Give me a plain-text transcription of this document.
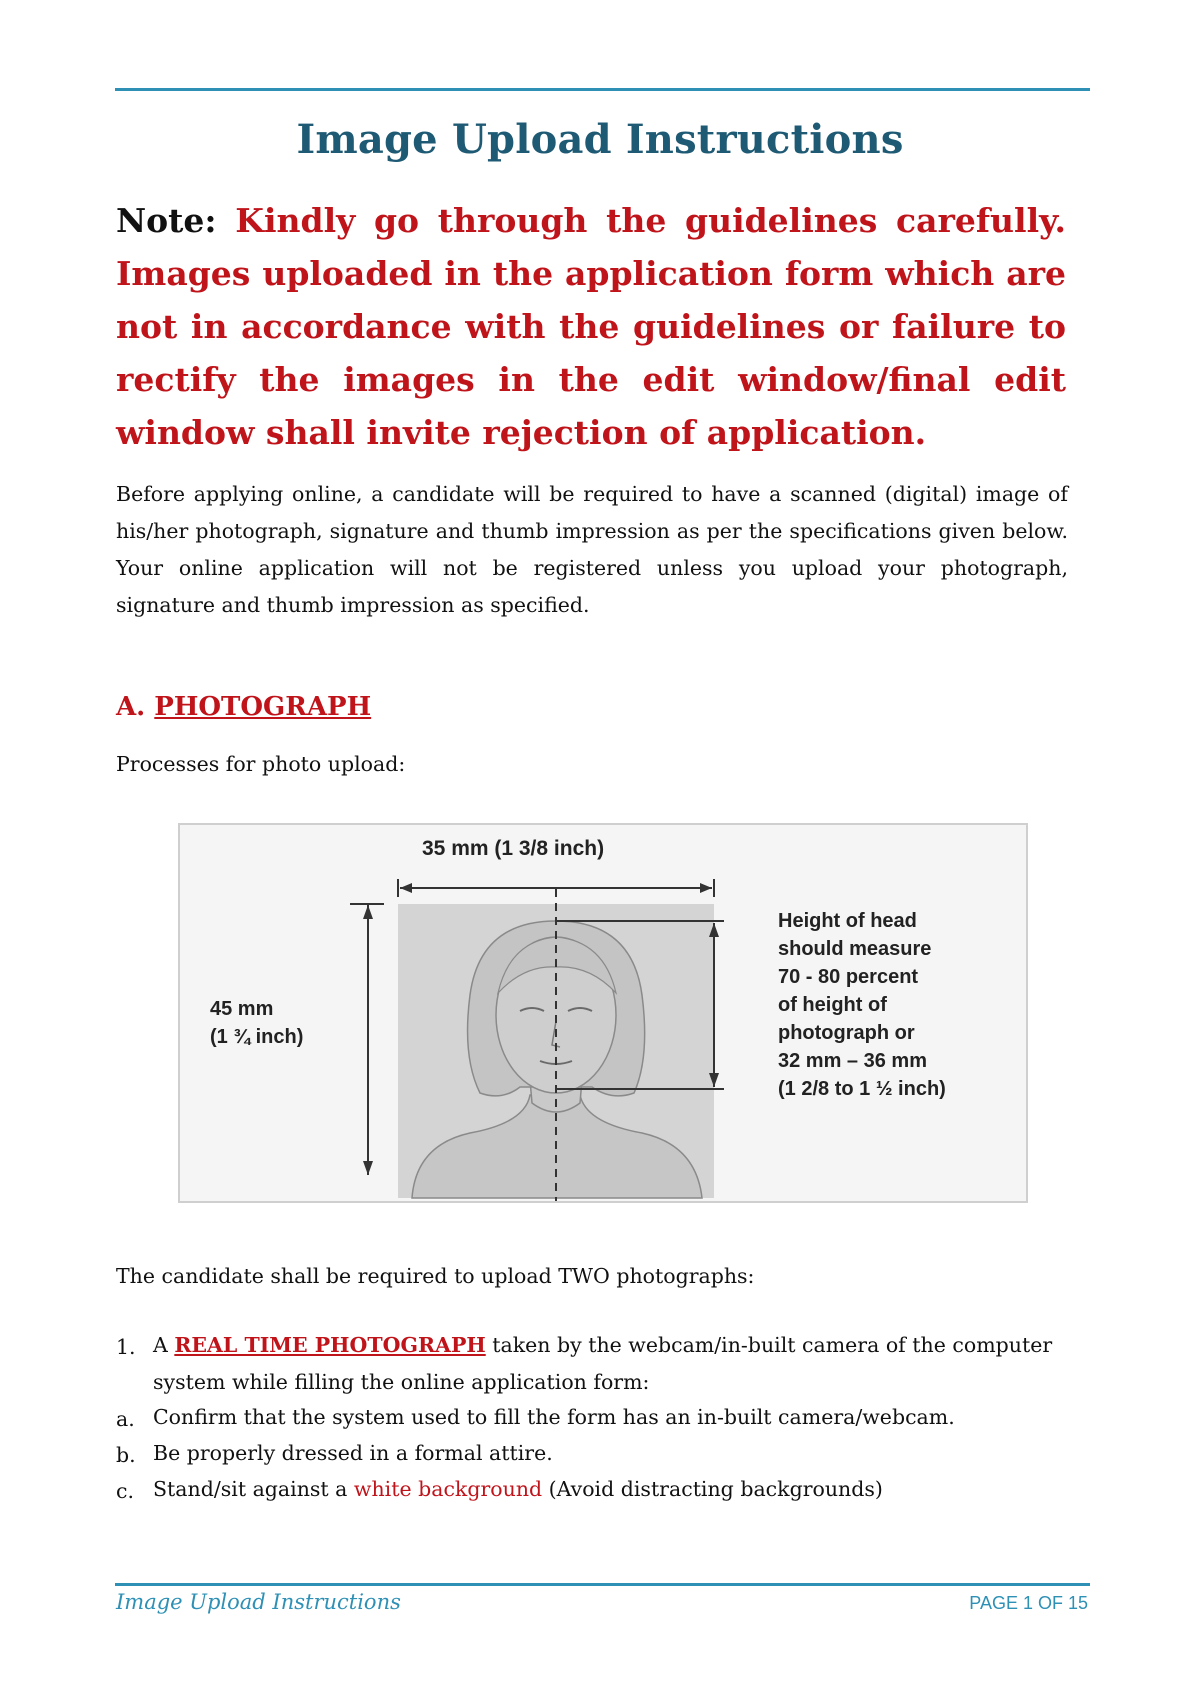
Image Upload Instructions
Note: Kindly go through the guidelines carefully. Images uploaded in the application form which are not in accordance with the guidelines or failure to rectify the images in the edit window/final edit window shall invite rejection of application.
Before applying online, a candidate will be required to have a scanned (digital) image of his/her photograph, signature and thumb impression as per the specifications given below. Your online application will not be registered unless you upload your photograph, signature and thumb impression as specified.
A. PHOTOGRAPH
Processes for photo upload:
35 mm (1 3/8 inch)
45 mm
(1 ¾ inch)
Height of head
should measure
70 - 80 percent
of height of
photograph or
32 mm – 36 mm
(1 2/8 to 1 ½ inch)
The candidate shall be required to upload TWO photographs:
1. A REAL TIME PHOTOGRAPH taken by the webcam/in-built camera of the computer system while filling the online application form:
a. Confirm that the system used to fill the form has an in-built camera/webcam.
b. Be properly dressed in a formal attire.
c. Stand/sit against a white background (Avoid distracting backgrounds)
Image Upload Instructions	PAGE 1 OF 15
